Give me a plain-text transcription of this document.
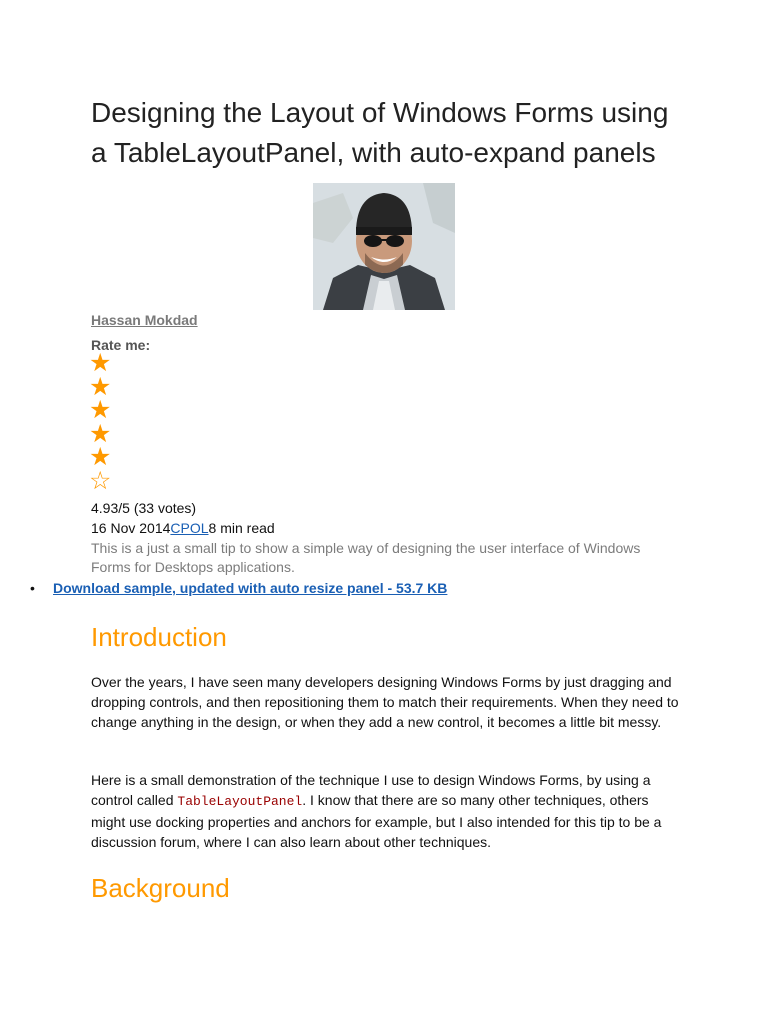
Designing the Layout of Windows Forms using a TableLayoutPanel, with auto-expand panels
Hassan Mokdad
Rate me:
★
★
★
★
★
☆
4.93/5 (33 votes)
16 Nov 2014CPOL8 min read
This is a just a small tip to show a simple way of designing the user interface of Windows Forms for Desktops applications.
• Download sample, updated with auto resize panel - 53.7 KB
Introduction

Over the years, I have seen many developers designing Windows Forms by just dragging and dropping controls, and then repositioning them to match their requirements. When they need to change anything in the design, or when they add a new control, it becomes a little bit messy.

Here is a small demonstration of the technique I use to design Windows Forms, by using a control called TableLayoutPanel. I know that there are so many other techniques, others might use docking properties and anchors for example, but I also intended for this tip to be a discussion forum, where I can also learn about other techniques.

Background
